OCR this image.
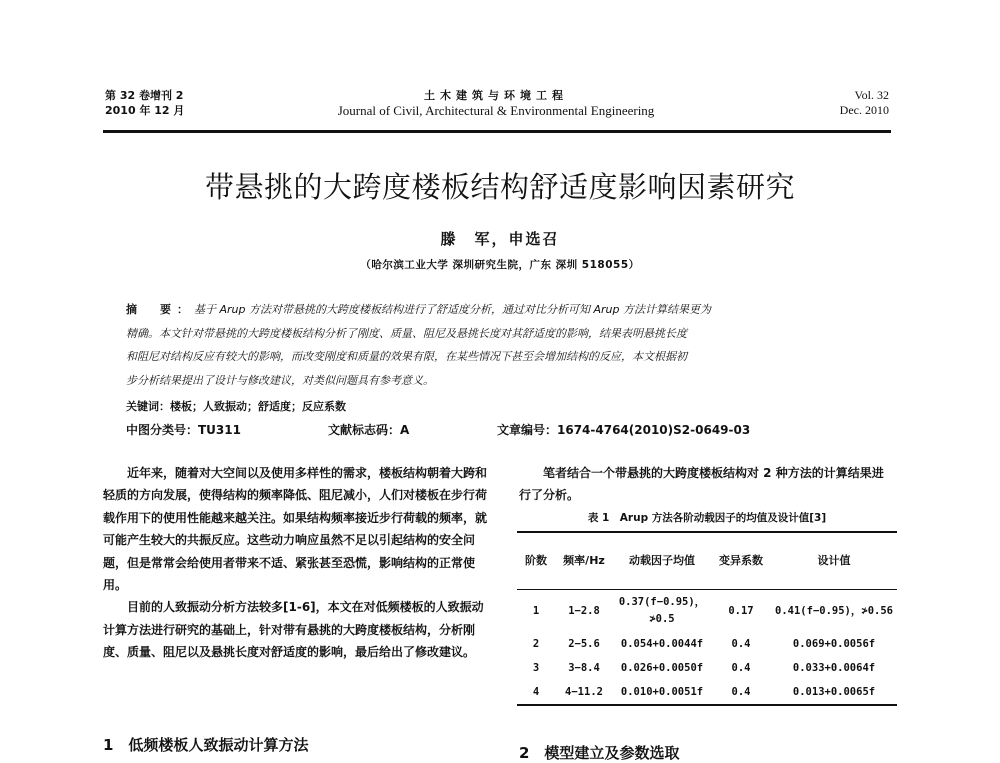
第 32 卷增刊 2
2010 年 12 月
土木建筑与环境工程
Journal of Civil, Architectural & Environmental Engineering
Vol. 32
Dec. 2010
带悬挑的大跨度楼板结构舒适度影响因素研究
滕　军，申选召
（哈尔滨工业大学 深圳研究生院，广东 深圳 518055）
摘　要：基于 Arup 方法对带悬挑的大跨度楼板结构进行了舒适度分析，通过对比分析可知 Arup 方法计算结果更为
精确。本文针对带悬挑的大跨度楼板结构分析了刚度、质量、阻尼及悬挑长度对其舒适度的影响，结果表明悬挑长度
和阻尼对结构反应有较大的影响，而改变刚度和质量的效果有限，在某些情况下甚至会增加结构的反应，本文根据初
步分析结果提出了设计与修改建议，对类似问题具有参考意义。
关键词：楼板；人致振动；舒适度；反应系数
中图分类号：TU311	文献标志码：A	文章编号：1674-4764(2010)S2-0649-03

近年来，随着对大空间以及使用多样性的需求，楼板结构朝着大跨和轻质的方向发展，使得结构的频率降低、阻尼减小，人们对楼板在步行荷载作用下的使用性能越来越关注。如果结构频率接近步行荷载的频率，就可能产生较大的共振反应。这些动力响应虽然不足以引起结构的安全问题，但是常常会给使用者带来不适、紧张甚至恐慌，影响结构的正常使用。

目前的人致振动分析方法较多[1-6]，本文在对低频楼板的人致振动计算方法进行研究的基础上，针对带有悬挑的大跨度楼板结构，分析刚度、质量、阻尼以及悬挑长度对舒适度的影响，最后给出了修改建议。

1　低频楼板人致振动计算方法

笔者结合一个带悬挑的大跨度楼板结构对 2 种方法的计算结果进行了分析。

表 1　Arup 方法各阶动载因子的均值及设计值[3]
阶数	频率/Hz	动载因子均值	变异系数	设计值
1	1−2.8	0.37(f−0.95)，≯0.5	0.17	0.41(f−0.95)，≯0.56
2	2−5.6	0.054+0.0044f	0.4	0.069+0.0056f
3	3−8.4	0.026+0.0050f	0.4	0.033+0.0064f
4	4−11.2	0.010+0.0051f	0.4	0.013+0.0065f
2　模型建立及参数选取
